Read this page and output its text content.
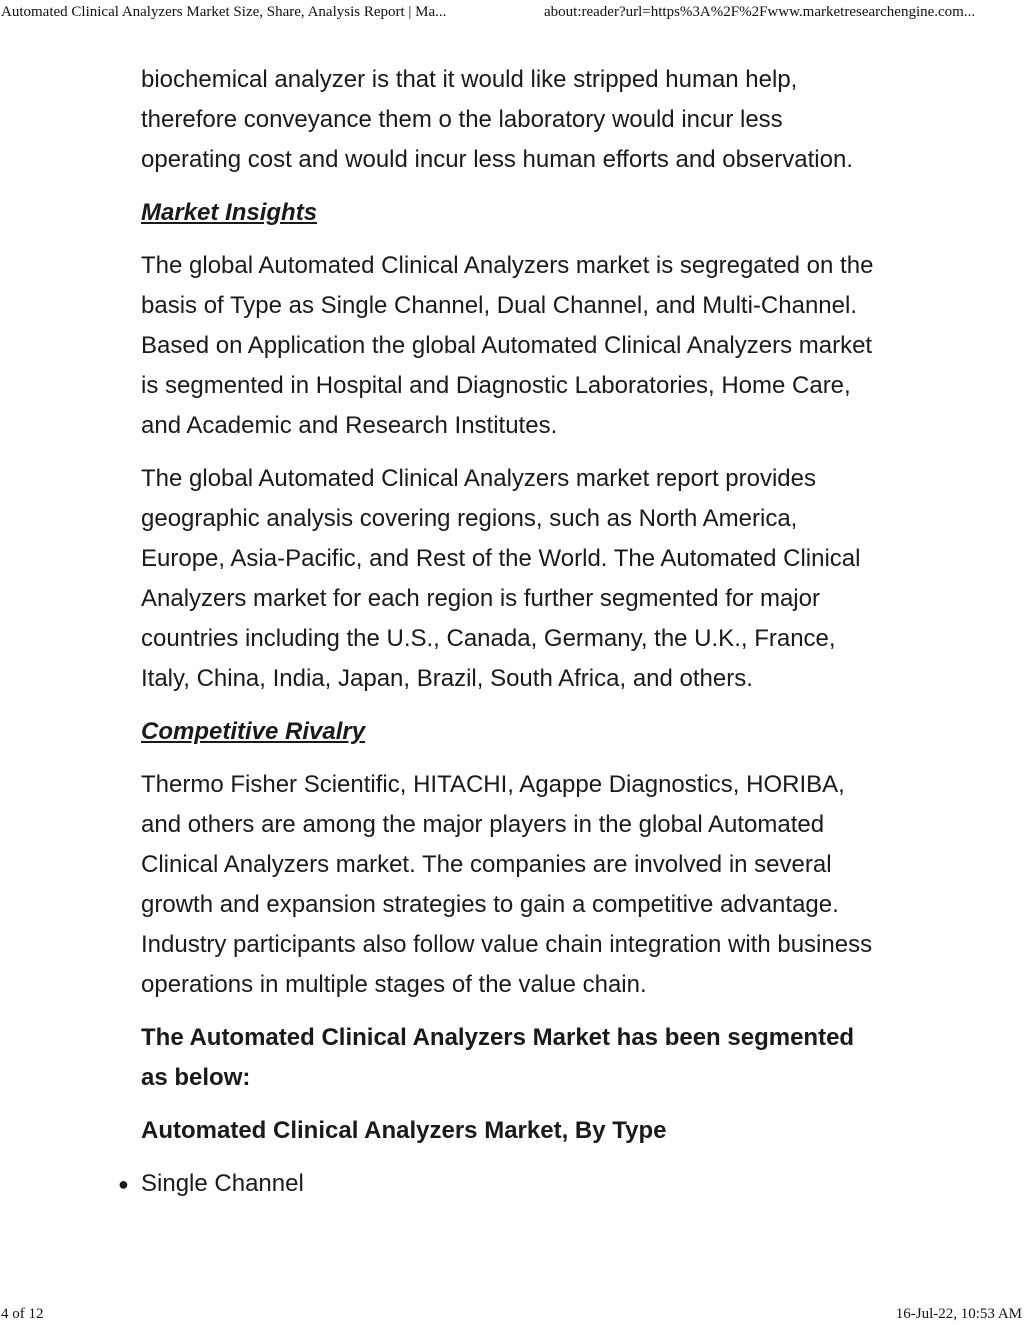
Automated Clinical Analyzers Market Size, Share, Analysis Report | Ma...	about:reader?url=https%3A%2F%2Fwww.marketresearchengine.com...

biochemical analyzer is that it would like stripped human help, therefore conveyance them o the laboratory would incur less operating cost and would incur less human efforts and observation.

Market Insights

The global Automated Clinical Analyzers market is segregated on the basis of Type as Single Channel, Dual Channel, and Multi-Channel. Based on Application the global Automated Clinical Analyzers market is segmented in Hospital and Diagnostic Laboratories, Home Care, and Academic and Research Institutes.

The global Automated Clinical Analyzers market report provides geographic analysis covering regions, such as North America, Europe, Asia-Pacific, and Rest of the World. The Automated Clinical Analyzers market for each region is further segmented for major countries including the U.S., Canada, Germany, the U.K., France, Italy, China, India, Japan, Brazil, South Africa, and others.

Competitive Rivalry

Thermo Fisher Scientific, HITACHI, Agappe Diagnostics, HORIBA, and others are among the major players in the global Automated Clinical Analyzers market. The companies are involved in several growth and expansion strategies to gain a competitive advantage. Industry participants also follow value chain integration with business operations in multiple stages of the value chain.

The Automated Clinical Analyzers Market has been segmented as below:

Automated Clinical Analyzers Market, By Type

● Single Channel
4 of 12	16-Jul-22, 10:53 AM
